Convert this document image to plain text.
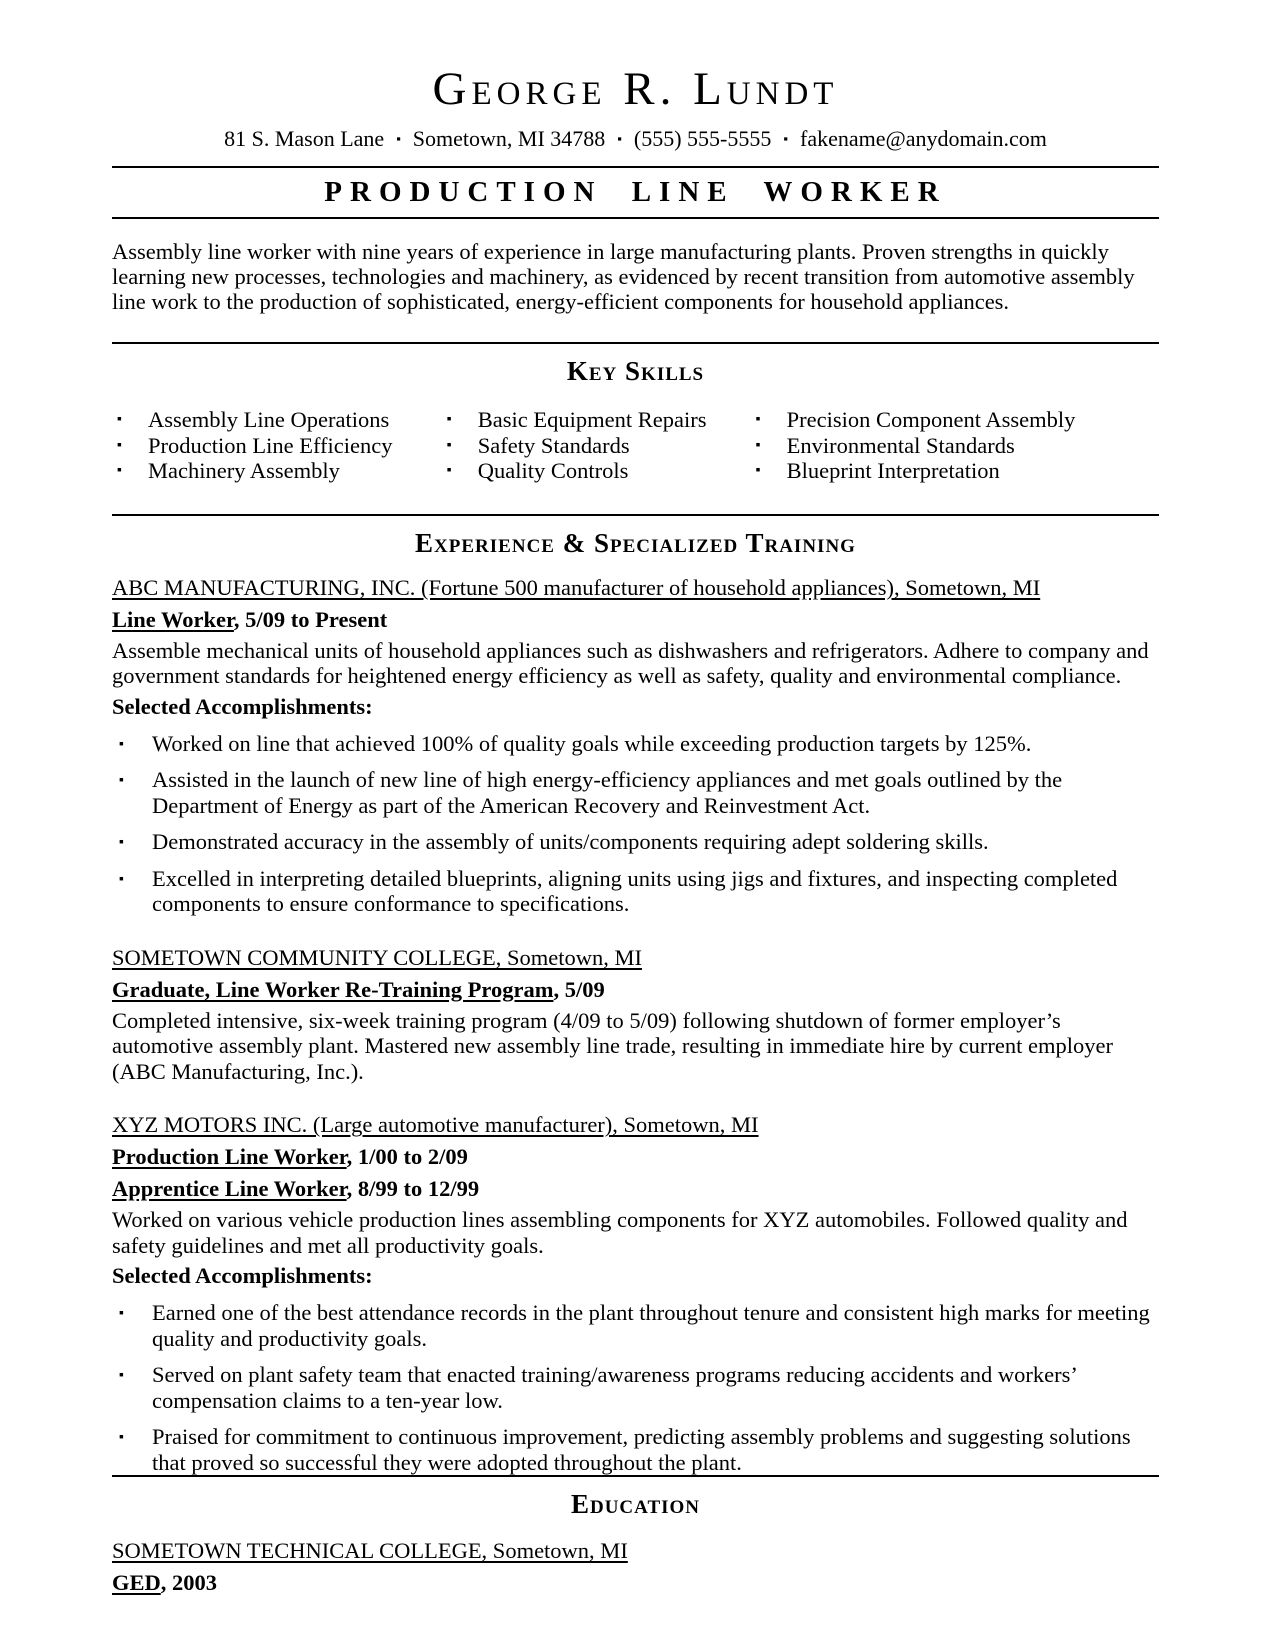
George R. Lundt
81 S. Mason Lane ▪ Sometown, MI 34788 ▪ (555) 555-5555 ▪ fakename@anydomain.com
PRODUCTION LINE WORKER

Assembly line worker with nine years of experience in large manufacturing plants. Proven strengths in quickly learning new processes, technologies and machinery, as evidenced by recent transition from automotive assembly line work to the production of sophisticated, energy-efficient components for household appliances.

Key Skills
▪ Assembly Line Operations
▪ Production Line Efficiency
▪ Machinery Assembly
▪ Basic Equipment Repairs
▪ Safety Standards
▪ Quality Controls
▪ Precision Component Assembly
▪ Environmental Standards
▪ Blueprint Interpretation
Experience & Specialized Training

ABC MANUFACTURING, INC. (Fortune 500 manufacturer of household appliances), Sometown, MI

Line Worker, 5/09 to Present

Assemble mechanical units of household appliances such as dishwashers and refrigerators. Adhere to company and government standards for heightened energy efficiency as well as safety, quality and environmental compliance.

Selected Accomplishments:

▪ Worked on line that achieved 100% of quality goals while exceeding production targets by 125%.
▪ Assisted in the launch of new line of high energy-efficiency appliances and met goals outlined by the Department of Energy as part of the American Recovery and Reinvestment Act.
▪ Demonstrated accuracy in the assembly of units/components requiring adept soldering skills.
▪ Excelled in interpreting detailed blueprints, aligning units using jigs and fixtures, and inspecting completed components to ensure conformance to specifications.

SOMETOWN COMMUNITY COLLEGE, Sometown, MI

Graduate, Line Worker Re-Training Program, 5/09

Completed intensive, six-week training program (4/09 to 5/09) following shutdown of former employer’s automotive assembly plant. Mastered new assembly line trade, resulting in immediate hire by current employer (ABC Manufacturing, Inc.).

XYZ MOTORS INC. (Large automotive manufacturer), Sometown, MI

Production Line Worker, 1/00 to 2/09

Apprentice Line Worker, 8/99 to 12/99

Worked on various vehicle production lines assembling components for XYZ automobiles. Followed quality and safety guidelines and met all productivity goals.

Selected Accomplishments:

▪ Earned one of the best attendance records in the plant throughout tenure and consistent high marks for meeting quality and productivity goals.
▪ Served on plant safety team that enacted training/awareness programs reducing accidents and workers’ compensation claims to a ten-year low.
▪ Praised for commitment to continuous improvement, predicting assembly problems and suggesting solutions that proved so successful they were adopted throughout the plant.
Education

SOMETOWN TECHNICAL COLLEGE, Sometown, MI

GED, 2003
